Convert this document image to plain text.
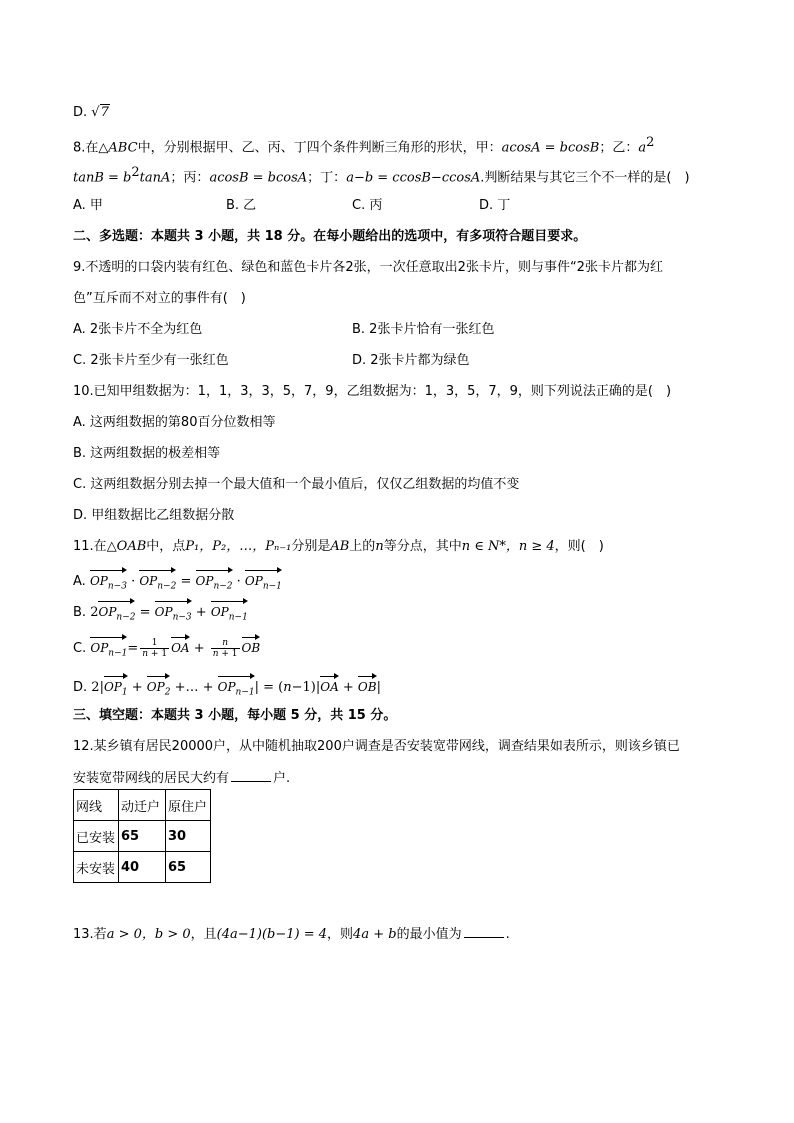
D. √7
8.在△ABC中，分别根据甲、乙、丙、丁四个条件判断三角形的形状，甲：acosA = bcosB；乙：$a^2$
$\tan B = b^2\tan A$；丙：acosB = bcosA；丁：a−b = ccosB−ccosA.判断结果与其它三个不一样的是(　)
A. 甲	B. 乙	C. 丙	D. 丁
二、多选题：本题共 3 小题，共 18 分。在每小题给出的选项中，有多项符合题目要求。
9.不透明的口袋内装有红色、绿色和蓝色卡片各2张，一次任意取出2张卡片，则与事件“2张卡片都为红
色”互斥而不对立的事件有(　)
A. 2张卡片不全为红色	B. 2张卡片恰有一张红色
C. 2张卡片至少有一张红色	D. 2张卡片都为绿色
10.已知甲组数据为：1，1，3，3，5，7，9，乙组数据为：1，3，5，7，9，则下列说法正确的是(　)
A. 这两组数据的第80百分位数相等
B. 这两组数据的极差相等
C. 这两组数据分别去掉一个最大值和一个最小值后，仅仅乙组数据的均值不变
D. 甲组数据比乙组数据分散
11.在△OAB中，点P₁，P₂，…，Pₙ₋₁分别是AB上的n等分点，其中n ∈ N*，n ≥ 4，则(　)
A. $OP_{n-3} \cdot OP_{n-2} = OP_{n-2} \cdot OP_{n-1}$
B. $2OP_{n-2} = OP_{n-3} + OP_{n-1}$
C. $OP_{n-1}= \frac{1}{n + 1}$ OA + $\frac{n}{n + 1}$ OB
D. $2|OP_1 + OP_2$ +… + $OP_{n-1}| = (n-1)|OA + OB|$
三、填空题：本题共 3 小题，每小题 5 分，共 15 分。
12.某乡镇有居民20000户，从中随机抽取200户调查是否安装宽带网线，调查结果如表所示，则该乡镇已
安装宽带网线的居民大约有	户.
网线	动迁户	原住户
已安装	65	30
未安装	40	65
13.若a > 0，b > 0，且(4a−1)(b−1) = 4，则4a + b的最小值为	.
